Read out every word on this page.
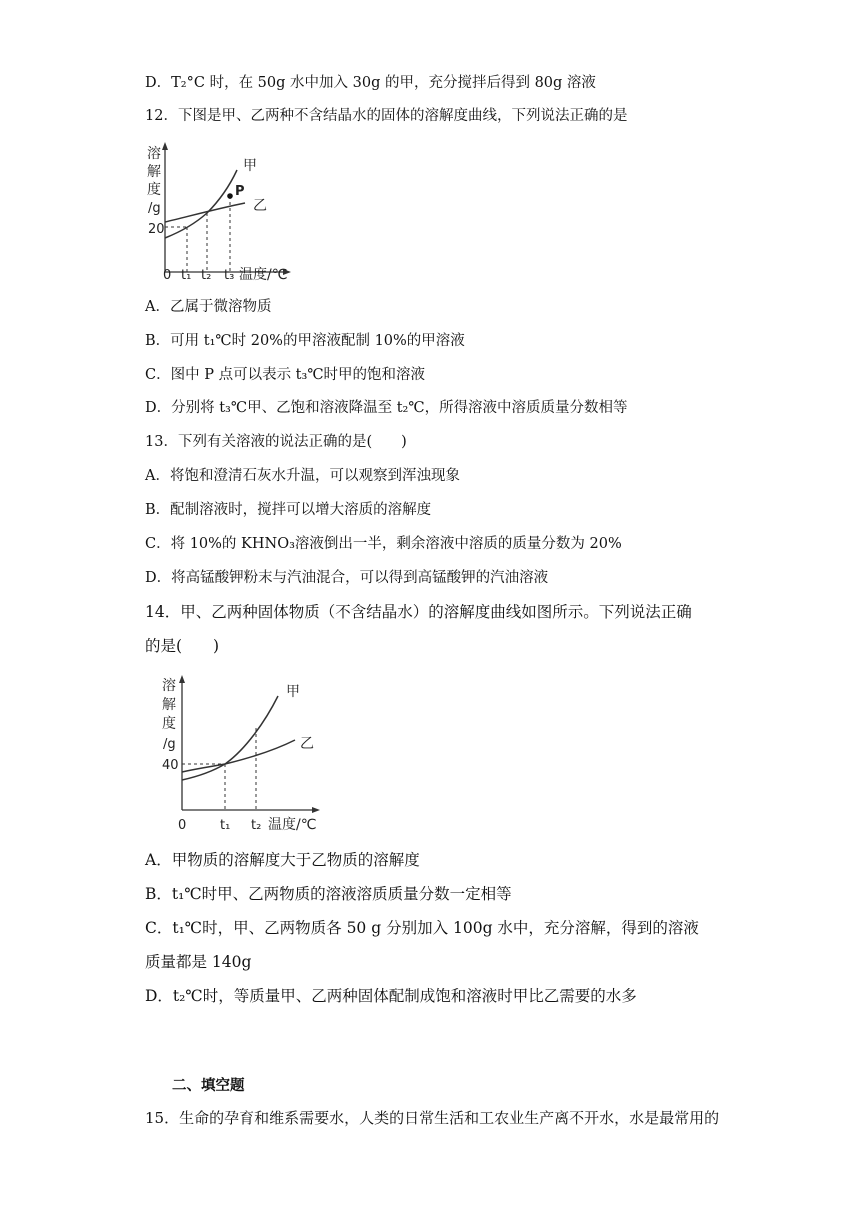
D．T₂°C 时，在 50g 水中加入 30g 的甲，充分搅拌后得到 80g 溶液
12．下图是甲、乙两种不含结晶水的固体的溶解度曲线，下列说法正确的是
溶
解
度
/g
20
P
甲
乙
0 t₁ t₂ t₃ 温度/℃
A．乙属于微溶物质
B．可用 t₁℃时 20%的甲溶液配制 10%的甲溶液
C．图中 P 点可以表示 t₃℃时甲的饱和溶液
D．分别将 t₃℃甲、乙饱和溶液降温至 t₂℃，所得溶液中溶质质量分数相等
13．下列有关溶液的说法正确的是(　　)
A．将饱和澄清石灰水升温，可以观察到浑浊现象
B．配制溶液时，搅拌可以增大溶质的溶解度
C．将 10%的 KHNO₃溶液倒出一半，剩余溶液中溶质的质量分数为 20%
D．将高锰酸钾粉末与汽油混合，可以得到高锰酸钾的汽油溶液
14．甲、乙两种固体物质（不含结晶水）的溶解度曲线如图所示。下列说法正确
的是(　　)
溶
解
度
/g
40
甲
乙
0	t₁ t₂ 温度/℃
A．甲物质的溶解度大于乙物质的溶解度
B．t₁℃时甲、乙两物质的溶液溶质质量分数一定相等
C．t₁℃时，甲、乙两物质各 50 g 分别加入 100g 水中，充分溶解，得到的溶液
质量都是 140g
D．t₂℃时，等质量甲、乙两种固体配制成饱和溶液时甲比乙需要的水多
二、填空题
15．生命的孕育和维系需要水，人类的日常生活和工农业生产离不开水，水是最常用的
